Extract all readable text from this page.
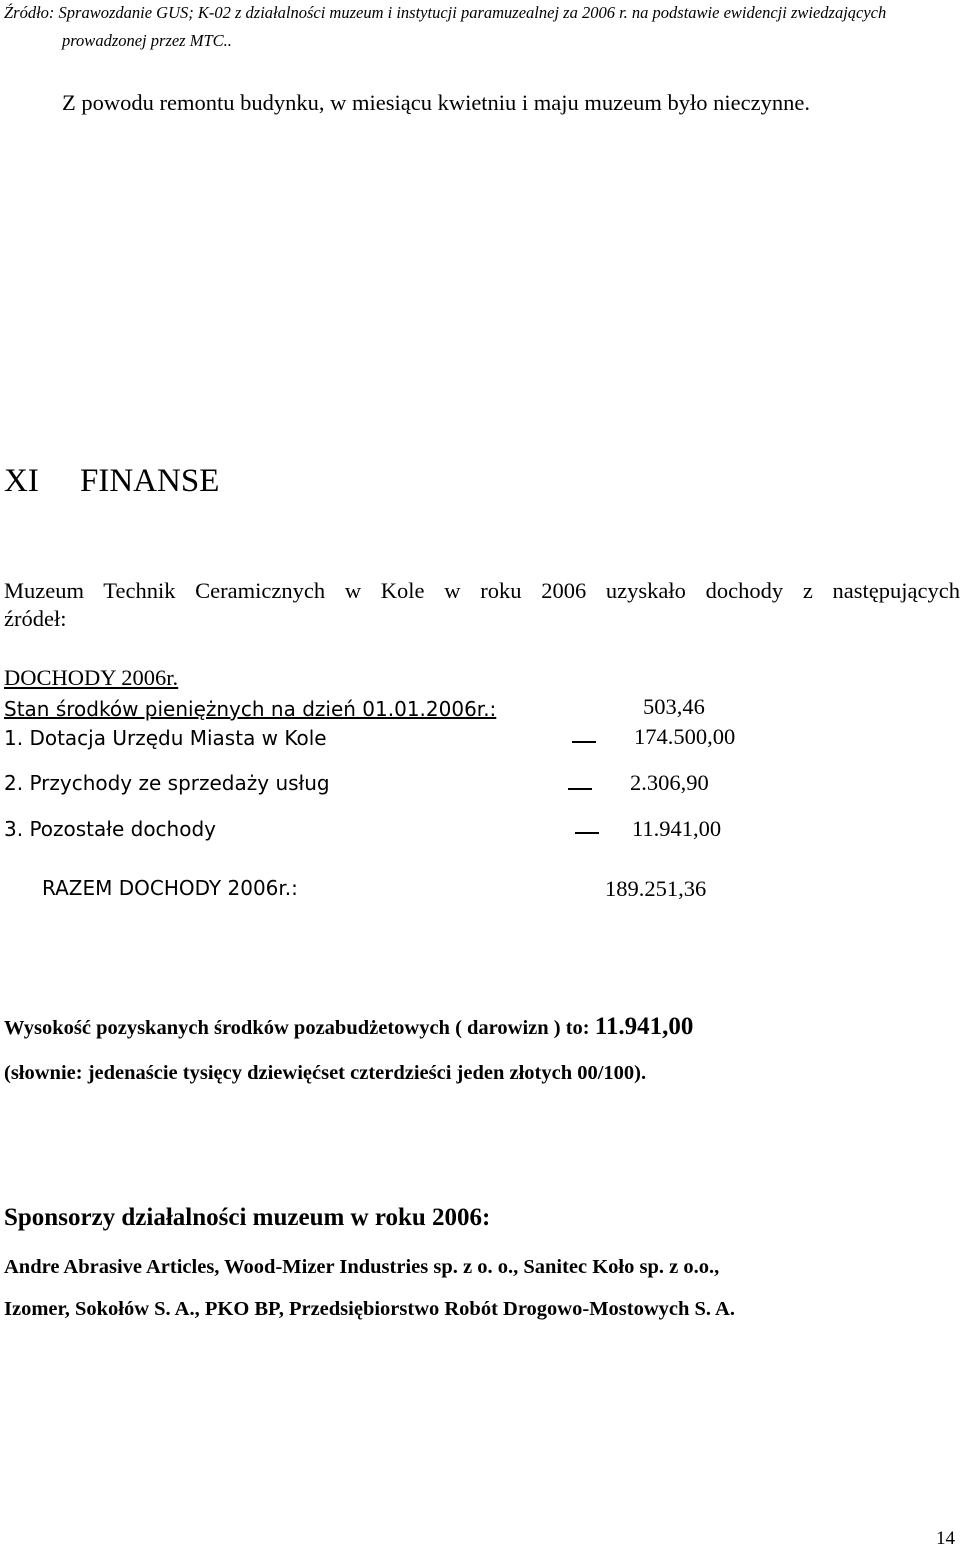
Źródło: Sprawozdanie GUS; K-02 z działalności muzeum i instytucji paramuzealnej za 2006 r. na podstawie ewidencji zwiedzających
prowadzonej przez MTC..
Z powodu remontu budynku, w miesiącu kwietniu i maju muzeum było nieczynne.
XI FINANSE
Muzeum Technik Ceramicznych w Kole w roku 2006 uzyskało dochody z następujących
źródeł:
DOCHODY 2006r.
Stan środków pieniężnych na dzień 01.01.2006r.:	503,46
1. Dotacja Urzędu Miasta w Kole	174.500,00
2. Przychody ze sprzedaży usług	2.306,90
3. Pozostałe dochody	11.941,00
RAZEM DOCHODY 2006r.:	189.251,36
Wysokość pozyskanych środków pozabudżetowych ( darowizn ) to: 11.941,00
(słownie: jedenaście tysięcy dziewięćset czterdzieści jeden złotych 00/100).
Sponsorzy działalności muzeum w roku 2006:
Andre Abrasive Articles, Wood-Mizer Industries sp. z o. o., Sanitec Koło sp. z o.o.,
Izomer, Sokołów S. A., PKO BP, Przedsiębiorstwo Robót Drogowo-Mostowych S. A.
14
